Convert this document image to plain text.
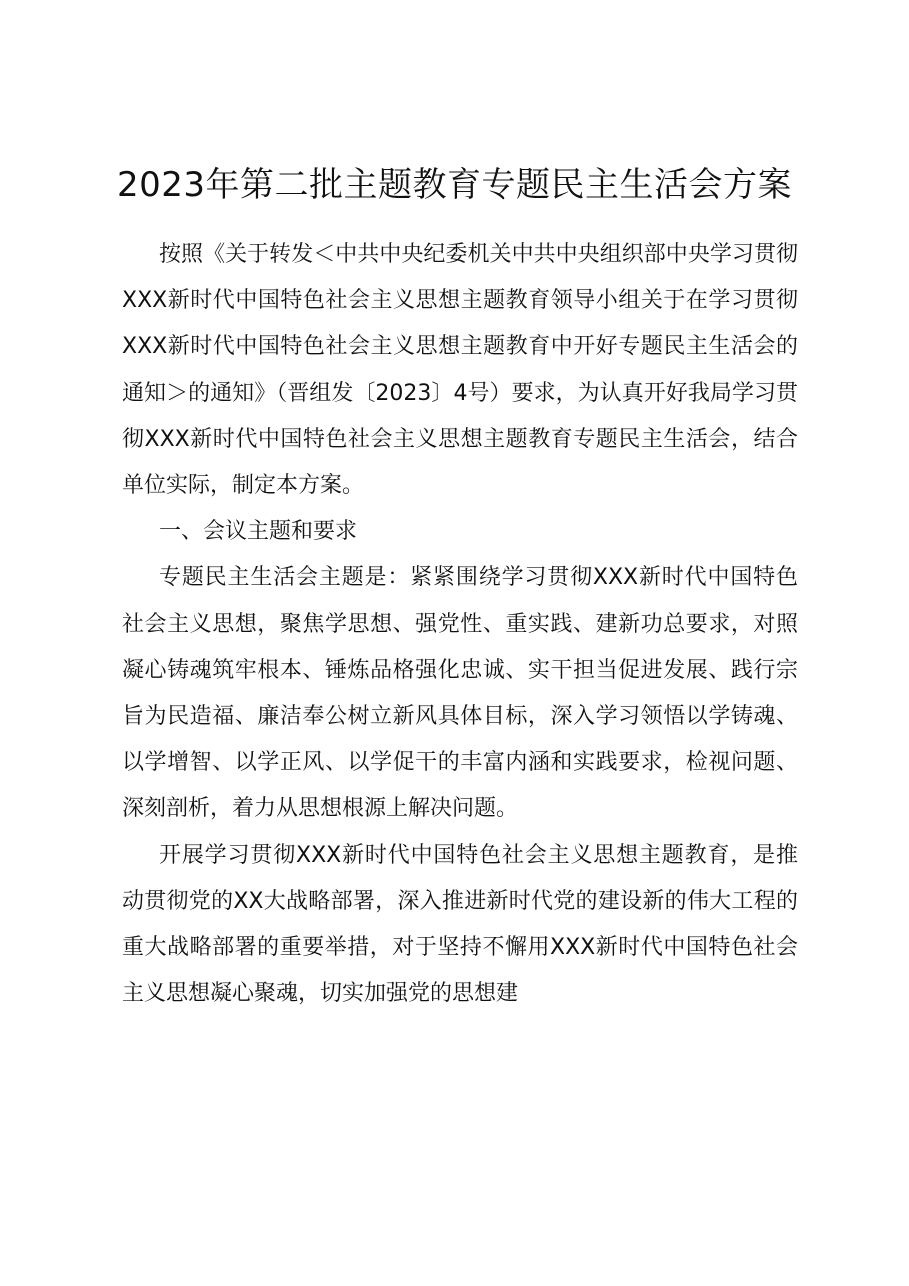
2023年第二批主题教育专题民主生活会方案

按照《关于转发＜中共中央纪委机关中共中央组织部中央学习贯彻XXX新时代中国特色社会主义思想主题教育领导小组关于在学习贯彻XXX新时代中国特色社会主义思想主题教育中开好专题民主生活会的通知＞的通知》（晋组发〔2023〕4号）要求，为认真开好我局学习贯彻XXX新时代中国特色社会主义思想主题教育专题民主生活会，结合单位实际，制定本方案。

一、会议主题和要求

专题民主生活会主题是：紧紧围绕学习贯彻XXX新时代中国特色社会主义思想，聚焦学思想、强党性、重实践、建新功总要求，对照凝心铸魂筑牢根本、锤炼品格强化忠诚、实干担当促进发展、践行宗旨为民造福、廉洁奉公树立新风具体目标，深入学习领悟以学铸魂、以学增智、以学正风、以学促干的丰富内涵和实践要求，检视问题、深刻剖析，着力从思想根源上解决问题。

开展学习贯彻XXX新时代中国特色社会主义思想主题教育，是推动贯彻党的XX大战略部署，深入推进新时代党的建设新的伟大工程的重大战略部署的重要举措，对于坚持不懈用XXX新时代中国特色社会主义思想凝心聚魂，切实加强党的思想建
